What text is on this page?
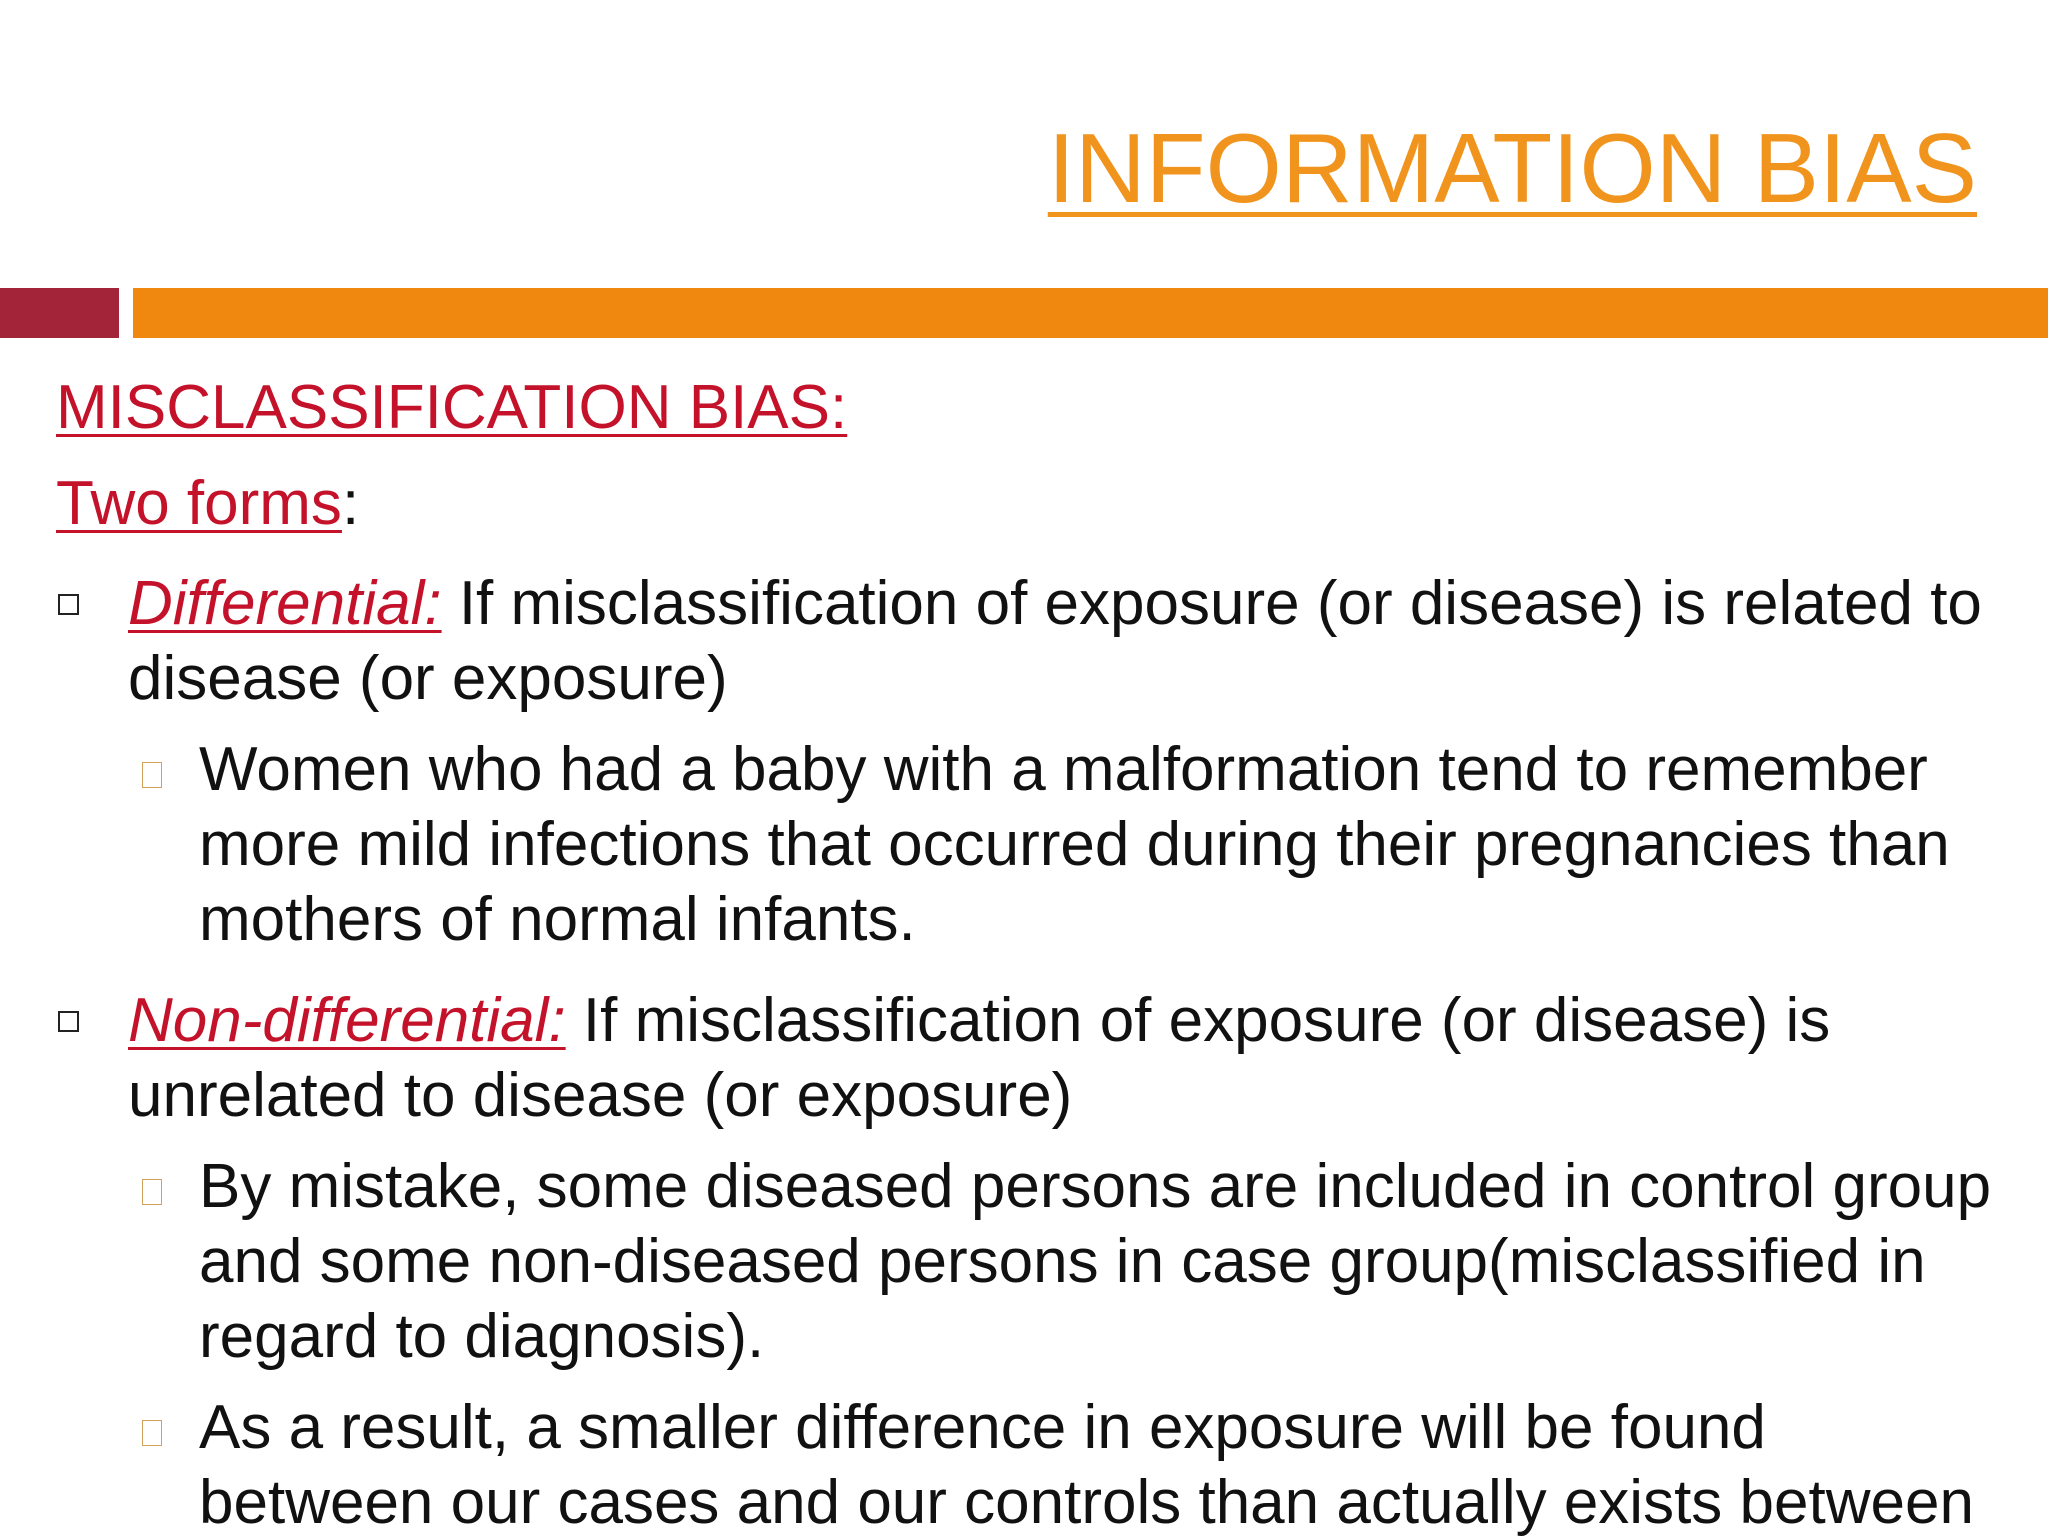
INFORMATION BIAS
MISCLASSIFICATION BIAS:
Two forms:
Differential: If misclassification of exposure (or disease) is related to disease (or exposure)
Women who had a baby with a malformation tend to remember more mild infections that occurred during their pregnancies than mothers of normal infants.
Non-differential: If misclassification of exposure (or disease) is unrelated to disease (or exposure)
By mistake, some diseased persons are included in control group and some non-diseased persons in case group(misclassified in regard to diagnosis).
As a result, a smaller difference in exposure will be found between our cases and our controls than actually exists between
